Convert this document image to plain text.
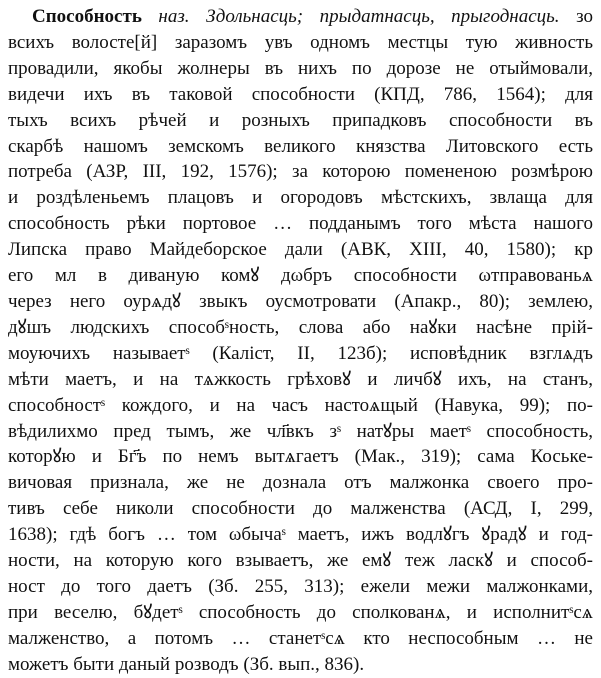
Способность наз. Здольнасць; прыдатнасць, прыгоднасць. зо
всихъ волосте[й] заразомъ увъ одномъ местцы тую живность
провадили, якобы жолнеры въ нихъ по дорозе не отыймовали,
видечи ихъ въ таковой способности (КПД, 786, 1564); для
тыхъ всихъ рѣчей и розныхъ припадковъ способности въ
скарбѣ нашомъ земскомъ великого князства Литовского есть
потреба (АЗР, III, 192, 1576); за которою помененою розмѣрою
и роздѣленьемъ плацовъ и огородовъ мѣстскихъ, звлаща для
способность рѣки портовое … подданымъ того мѣста нашого
Липска право Майдеборское дали (АВК, XIII, 40, 1580); кр
его мл в диваную комꙋ дωбръ способности ωтправованьѧ
через него оурѧдꙋ звыкъ оусмотровати (Апакр., 80); землею,
дꙋшъ людскихъ способˢность, слова або наꙋки насѣне прій-
моуючихъ называетˢ (Каліст, II, 123б); исповѣдник взглѧдъ
мѣти маетъ, и на тѧжкость грѣховꙋ и личбꙋ ихъ, на станъ,
способностˢ кождого, и на часъ настоѧщый (Навука, 99); по-
вѣдилихмо пред тымъ, же чл҃вкъ зˢ натꙋры маетˢ способность,
которꙋю и Бг҃ъ по немъ вытѧгаетъ (Мак., 319); сама Коське-
вичовая признала, же не дознала отъ малжонка своего про-
тивъ себе николи способности до малженства (АСД, I, 299,
1638); гдѣ богъ … том ωбычаˢ маетъ, ижъ водлꙋгъ ꙋрадꙋ и год-
ности, на которую кого взываетъ, же емꙋ теж ласкꙋ и способ-
ност до того даетъ (Зб. 255, 313); ежели межи малжонками,
при веселю, бꙋдетˢ способность до сполкованѧ, и исполнитˢсѧ
малженство, а потомъ … станетˢсѧ кто неспособным … не
можетъ быти даный розводъ (Зб. вып., 836).
